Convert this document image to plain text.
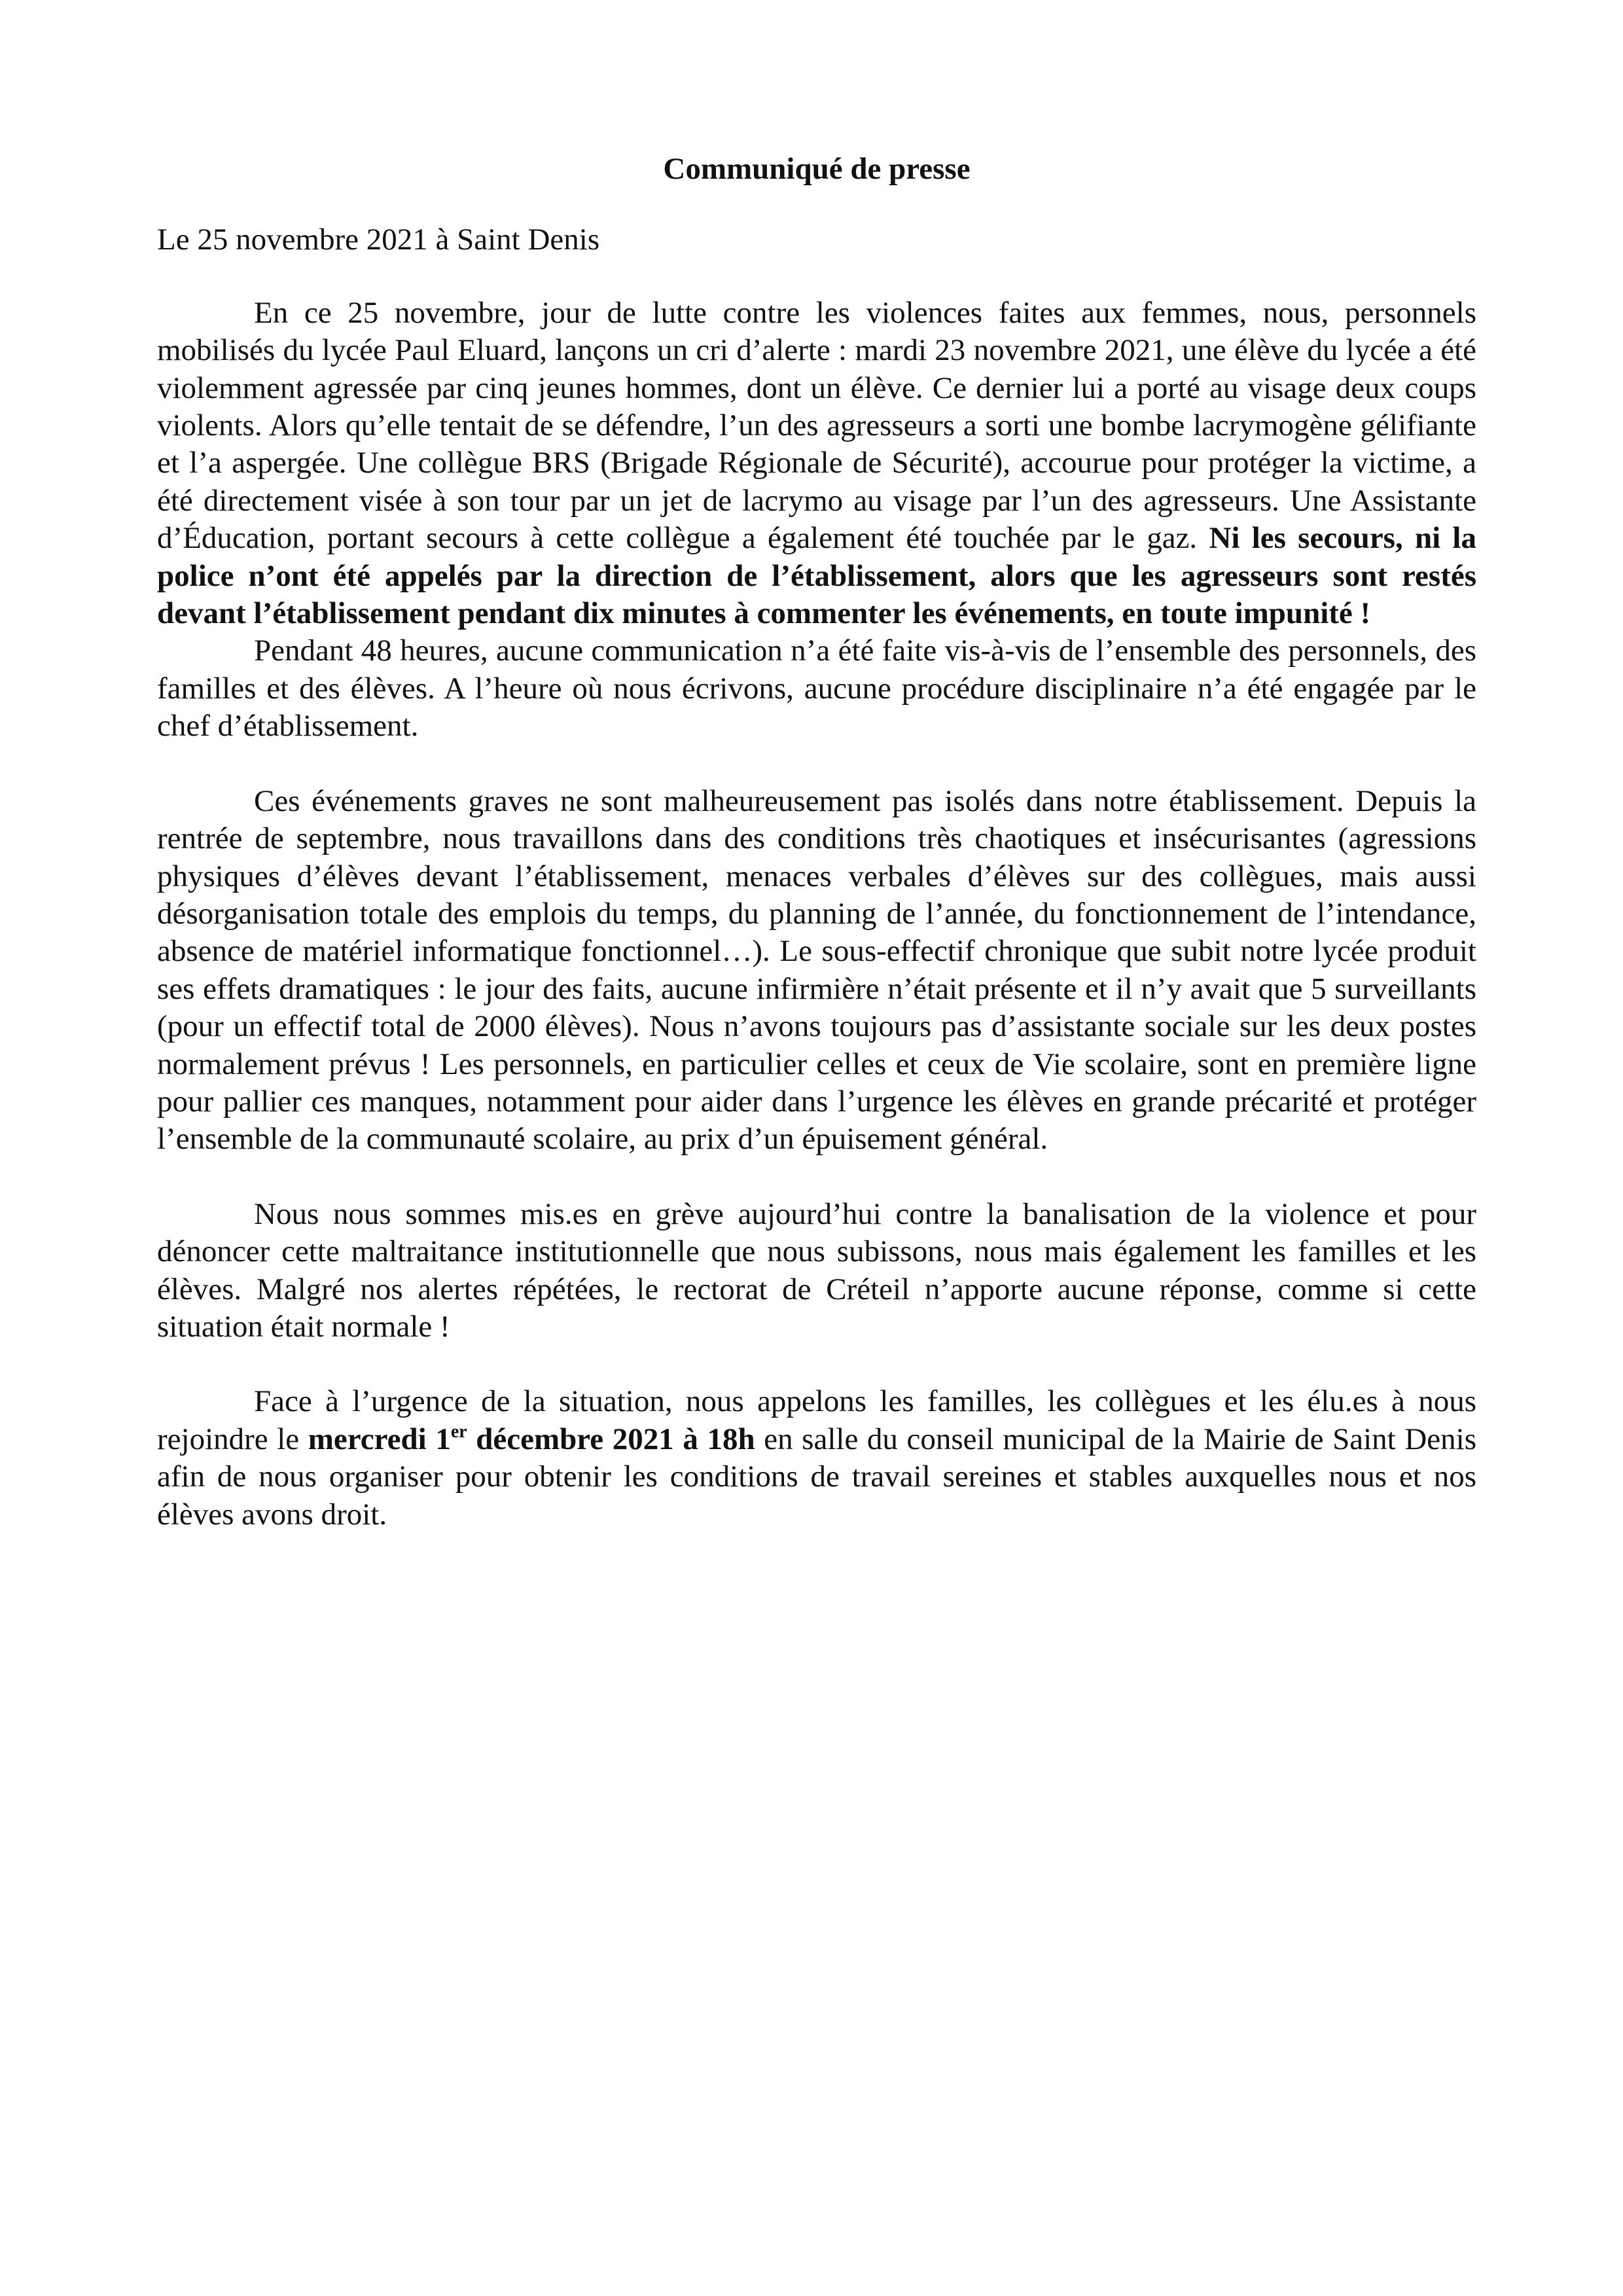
Communiqué de presse
Le 25 novembre 2021 à Saint Denis

En ce 25 novembre, jour de lutte contre les violences faites aux femmes, nous, personnels mobilisés du lycée Paul Eluard, lançons un cri d’alerte : mardi 23 novembre 2021, une élève du lycée a été violemment agressée par cinq jeunes hommes, dont un élève. Ce dernier lui a porté au visage deux coups violents. Alors qu’elle tentait de se défendre, l’un des agresseurs a sorti une bombe lacrymogène gélifiante et l’a aspergée. Une collègue BRS (Brigade Régionale de Sécurité), accourue pour protéger la victime, a été directement visée à son tour par un jet de lacrymo au visage par l’un des agresseurs. Une Assistante d’Éducation, portant secours à cette collègue a également été touchée par le gaz. Ni les secours, ni la police n’ont été appelés par la direction de l’établissement, alors que les agresseurs sont restés devant l’établissement pendant dix minutes à commenter les événements, en toute impunité !

Pendant 48 heures, aucune communication n’a été faite vis-à-vis de l’ensemble des personnels, des familles et des élèves. A l’heure où nous écrivons, aucune procédure disciplinaire n’a été engagée par le chef d’établissement.

Ces événements graves ne sont malheureusement pas isolés dans notre établissement. Depuis la rentrée de septembre, nous travaillons dans des conditions très chaotiques et insécurisantes (agressions physiques d’élèves devant l’établissement, menaces verbales d’élèves sur des collègues, mais aussi désorganisation totale des emplois du temps, du planning de l’année, du fonctionnement de l’intendance, absence de matériel informatique fonctionnel…). Le sous-effectif chronique que subit notre lycée produit ses effets dramatiques : le jour des faits, aucune infirmière n’était présente et il n’y avait que 5 surveillants (pour un effectif total de 2000 élèves). Nous n’avons toujours pas d’assistante sociale sur les deux postes normalement prévus ! Les personnels, en particulier celles et ceux de Vie scolaire, sont en première ligne pour pallier ces manques, notamment pour aider dans l’urgence les élèves en grande précarité et protéger l’ensemble de la communauté scolaire, au prix d’un épuisement général.

Nous nous sommes mis.es en grève aujourd’hui contre la banalisation de la violence et pour dénoncer cette maltraitance institutionnelle que nous subissons, nous mais également les familles et les élèves. Malgré nos alertes répétées, le rectorat de Créteil n’apporte aucune réponse, comme si cette situation était normale !

Face à l’urgence de la situation, nous appelons les familles, les collègues et les élu.es à nous rejoindre le mercredi 1er décembre 2021 à 18h en salle du conseil municipal de la Mairie de Saint Denis afin de nous organiser pour obtenir les conditions de travail sereines et stables auxquelles nous et nos élèves avons droit.
